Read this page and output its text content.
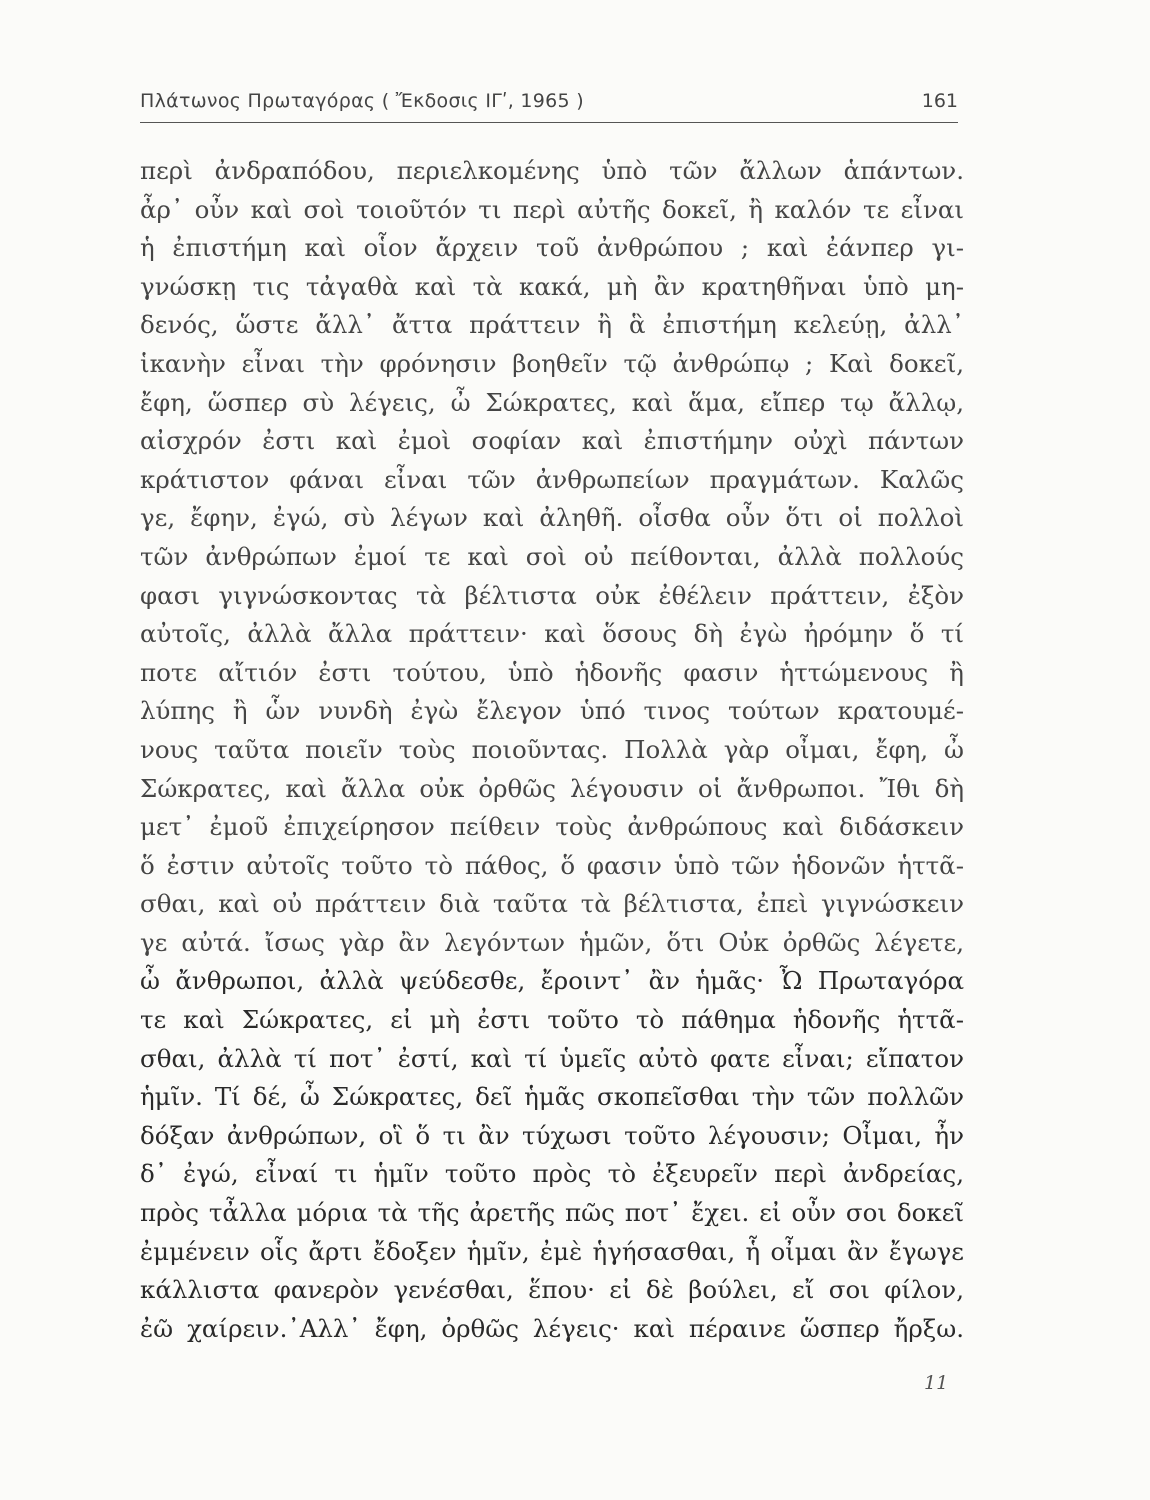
Πλάτωνος Πρωταγόρας ( Ἔκδοσις ΙΓʹ, 1965 )	161
περὶ ἀνδραπόδου, περιελκομένης ὑπὸ τῶν ἄλλων ἁπάντων.
ἆρ᾿ οὖν καὶ σοὶ τοιοῦτόν τι περὶ αὐτῆς δοκεῖ, ἢ καλόν τε εἶναι
ἡ ἐπιστήμη καὶ οἷον ἄρχειν τοῦ ἀνθρώπου ; καὶ ἐάνπερ γι-
γνώσκῃ τις τἀγαθὰ καὶ τὰ κακά, μὴ ἂν κρατηθῆναι ὑπὸ μη-
δενός, ὥστε ἄλλ᾿ ἄττα πράττειν ἢ ἃ ἐπιστήμη κελεύῃ, ἀλλ᾿
ἱκανὴν εἶναι τὴν φρόνησιν βοηθεῖν τῷ ἀνθρώπῳ ; Καὶ δοκεῖ,
ἔφη, ὥσπερ σὺ λέγεις, ὦ Σώκρατες, καὶ ἅμα, εἴπερ τῳ ἄλλῳ,
αἰσχρόν ἐστι καὶ ἐμοὶ σοφίαν καὶ ἐπιστήμην οὐχὶ πάντων
κράτιστον φάναι εἶναι τῶν ἀνθρωπείων πραγμάτων. Καλῶς
γε, ἔφην, ἐγώ, σὺ λέγων καὶ ἀληθῆ. οἶσθα οὖν ὅτι οἱ πολλοὶ
τῶν ἀνθρώπων ἐμοί τε καὶ σοὶ οὐ πείθονται, ἀλλὰ πολλούς
φασι γιγνώσκοντας τὰ βέλτιστα οὐκ ἐθέλειν πράττειν, ἐξὸν
αὐτοῖς, ἀλλὰ ἄλλα πράττειν· καὶ ὅσους δὴ ἐγὼ ἠρόμην ὅ τί
ποτε αἴτιόν ἐστι τούτου, ὑπὸ ἡδονῆς φασιν ἡττώμενους ἢ
λύπης ἢ ὧν νυνδὴ ἐγὼ ἔλεγον ὑπό τινος τούτων κρατουμέ-
νους ταῦτα ποιεῖν τοὺς ποιοῦντας. Πολλὰ γὰρ οἶμαι, ἔφη, ὦ
Σώκρατες, καὶ ἄλλα οὐκ ὀρθῶς λέγουσιν οἱ ἄνθρωποι. Ἴθι δὴ
μετ᾿ ἐμοῦ ἐπιχείρησον πείθειν τοὺς ἀνθρώπους καὶ διδάσκειν
ὅ ἐστιν αὐτοῖς τοῦτο τὸ πάθος, ὅ φασιν ὑπὸ τῶν ἡδονῶν ἡττᾶ-
σθαι, καὶ οὐ πράττειν διὰ ταῦτα τὰ βέλτιστα, ἐπεὶ γιγνώσκειν
γε αὐτά. ἴσως γὰρ ἂν λεγόντων ἡμῶν, ὅτι Οὐκ ὀρθῶς λέγετε,
ὦ ἄνθρωποι, ἀλλὰ ψεύδεσθε, ἔροιντ᾿ ἂν ἡμᾶς· Ὦ Πρωταγόρα
τε καὶ Σώκρατες, εἰ μὴ ἐστι τοῦτο τὸ πάθημα ἡδονῆς ἡττᾶ-
σθαι, ἀλλὰ τί ποτ᾿ ἐστί, καὶ τί ὑμεῖς αὐτὸ φατε εἶναι; εἴπατον
ἡμῖν. Τί δέ, ὦ Σώκρατες, δεῖ ἡμᾶς σκοπεῖσθαι τὴν τῶν πολλῶν
δόξαν ἀνθρώπων, οἳ ὅ τι ἂν τύχωσι τοῦτο λέγουσιν; Οἶμαι, ἦν
δ᾿ ἐγώ, εἶναί τι ἡμῖν τοῦτο πρὸς τὸ ἐξευρεῖν περὶ ἀνδρείας,
πρὸς τἆλλα μόρια τὰ τῆς ἀρετῆς πῶς ποτ᾿ ἔχει. εἰ οὖν σοι δοκεῖ
ἐμμένειν οἷς ἄρτι ἔδοξεν ἡμῖν, ἐμὲ ἡγήσασθαι, ἧ οἶμαι ἂν ἔγωγε
κάλλιστα φανερὸν γενέσθαι, ἕπου· εἰ δὲ βούλει, εἴ σοι φίλον,
ἐῶ χαίρειν.᾿Αλλ᾿ ἔφη, ὀρθῶς λέγεις· καὶ πέραινε ὥσπερ ἤρξω.
11
